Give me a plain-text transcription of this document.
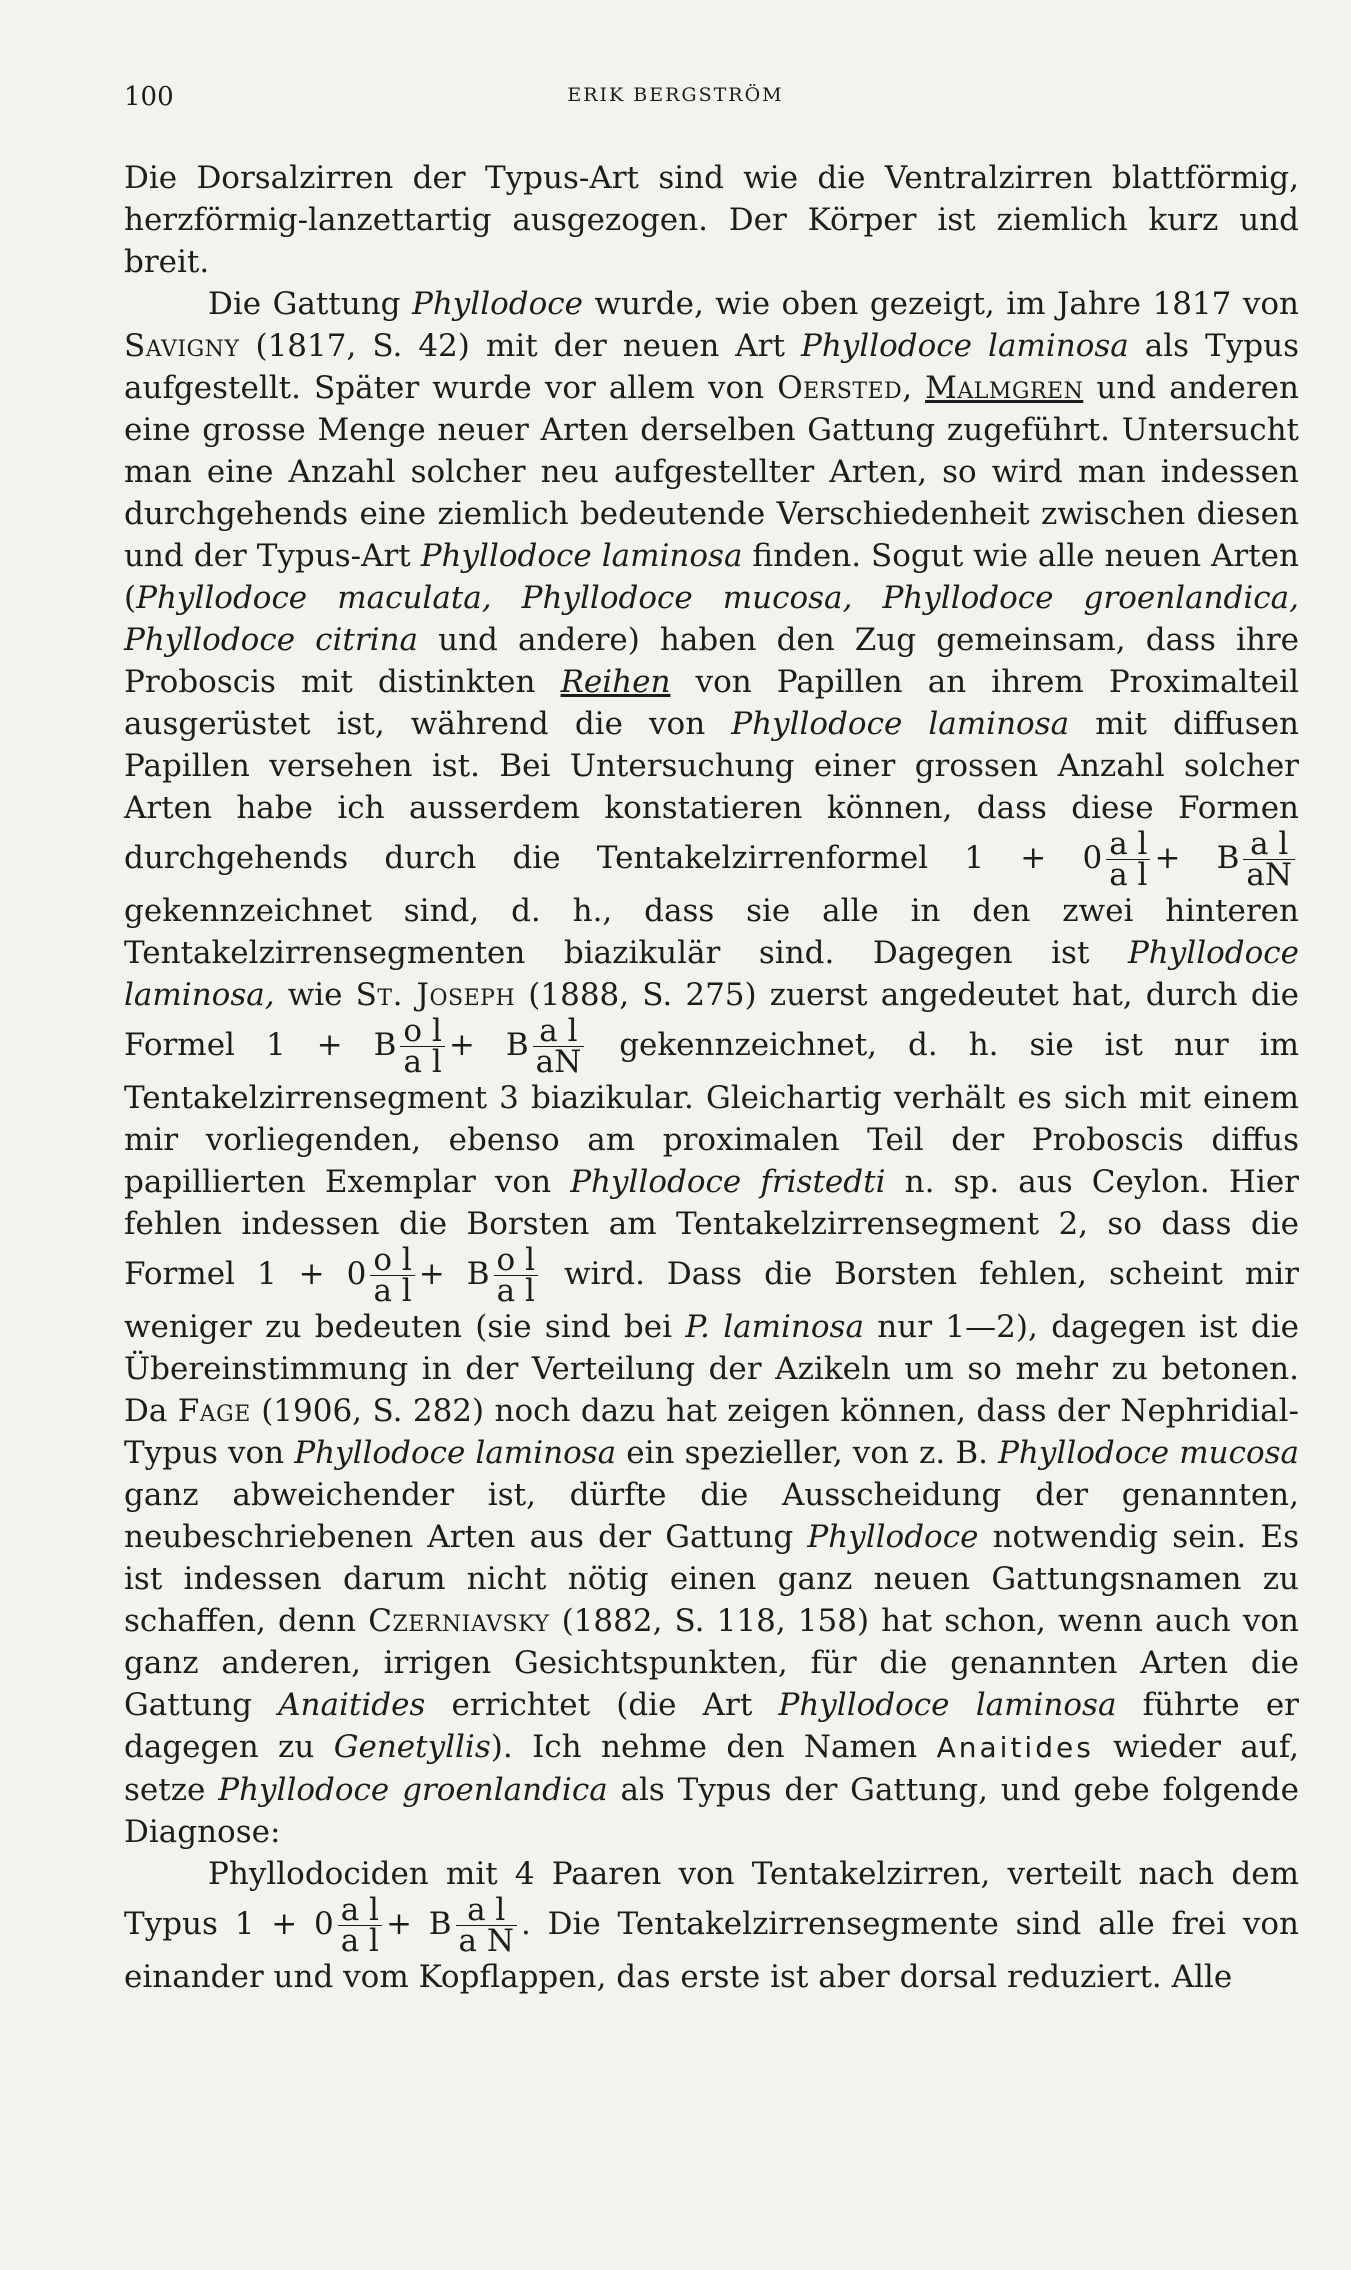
100	ERIK BERGSTRÖM

Die Dorsalzirren der Typus-Art sind wie die Ventralzirren blattförmig, herzförmig-lanzettartig ausgezogen. Der Körper ist ziemlich kurz und breit.

Die Gattung Phyllodoce wurde, wie oben gezeigt, im Jahre 1817 von Savigny (1817, S. 42) mit der neuen Art Phyllodoce laminosa als Typus aufgestellt. Später wurde vor allem von Oersted, Malmgren und anderen eine grosse Menge neuer Arten derselben Gattung zugeführt. Untersucht man eine Anzahl solcher neu aufgestellter Arten, so wird man indessen durchgehends eine ziemlich bedeutende Verschiedenheit zwischen diesen und der Typus-Art Phyllodoce laminosa finden. Sogut wie alle neuen Arten (Phyllodoce maculata, Phyllodoce mucosa, Phyllodoce groenlandica, Phyllodoce citrina und andere) haben den Zug gemeinsam, dass ihre Proboscis mit distinkten Reihen von Papillen an ihrem Proximalteil ausgerüstet ist, während die von Phyllodoce laminosa mit diffusen Papillen versehen ist. Bei Untersuchung einer grossen Anzahl solcher Arten habe ich ausserdem konstatieren können, dass diese Formen durchgehends durch die Tentakelzirrenformel $1 + 0 \frac{\text{a l}}{\text{a l}} + B \frac{\text{a l}}{aN}$
gekennzeichnet sind, d. h., dass sie alle in den zwei hinteren Tentakelzirrensegmenten biazikulär sind. Dagegen ist Phyllodoce laminosa, wie St. Joseph (1888, S. 275) zuerst angedeutet hat, durch die Formel 1 + B $\frac{\text{o l}}{\text{a l}} + B \frac{\text{a l}}{aN}$ gekennzeichnet, d. h. sie ist nur im Tentakelzirrensegment 3 biazikular. Gleichartig verhält es sich mit einem mir vorliegenden, ebenso am proximalen Teil der Proboscis diffus papillierten Exemplar von Phyllodoce fristedti n. sp. aus Ceylon. Hier fehlen indessen die Borsten am Tentakelzirrensegment 2, so dass die Formel $1 + 0 \frac{\text{o l}}{\text{a l}} + B \frac{\text{o l}}{\text{a l}}$ wird. Dass die Borsten fehlen, scheint mir weniger zu bedeuten (sie sind bei P. laminosa nur 1—2), dagegen ist die Übereinstimmung in der Verteilung der Azikeln um so mehr zu betonen. Da Fage (1906, S. 282) noch dazu hat zeigen können, dass der Nephridial-Typus von Phyllodoce laminosa ein spezieller, von z. B. Phyllodoce mucosa ganz abweichender ist, dürfte die Ausscheidung der genannten, neubeschriebenen Arten aus der Gattung Phyllodoce notwendig sein. Es ist indessen darum nicht nötig einen ganz neuen Gattungsnamen zu schaffen, denn Czerniavsky (1882, S. 118, 158) hat schon, wenn auch von ganz anderen, irrigen Gesichtspunkten, für die genannten Arten die Gattung Anaitides errichtet (die Art Phyllodoce laminosa führte er dagegen zu Genetyllis). Ich nehme den Namen Anaitides wieder auf, setze Phyllodoce groenlandica als Typus der Gattung, und gebe folgende Diagnose:

Phyllodociden mit 4 Paaren von Tentakelzirren, verteilt nach dem Typus $1 + 0 \frac{\text{a l}}{\text{a l}} + B \frac{\text{a l}}{\text{a N}}$ . Die Tentakelzirrensegmente sind alle frei von einander und vom Kopflappen, das erste ist aber dorsal reduziert. Alle
